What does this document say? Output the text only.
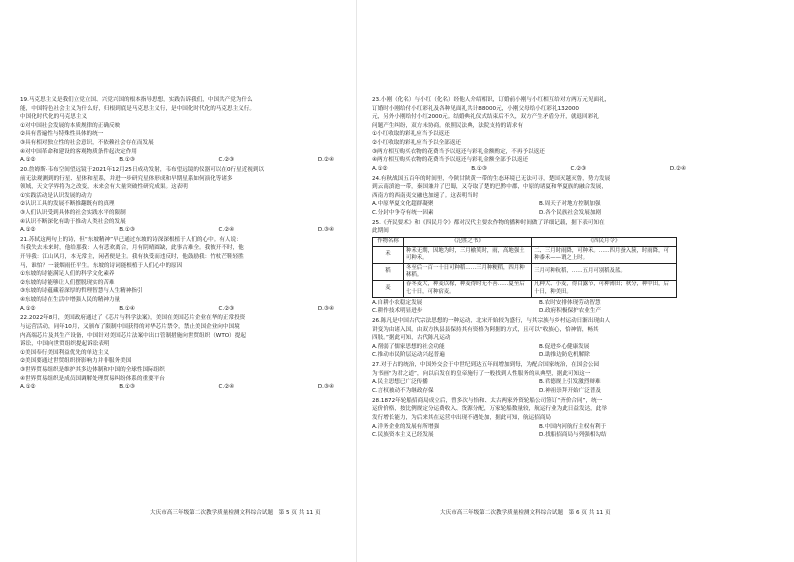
19.马克思主义是我们立党立国、兴党兴国的根本指导思想，实践告诉我们，中国共产党为什么
能，中国特色社会主义为什么好，归根到底是马克思主义行，是中国化时代化的马克思主义行。
中国化时代化的马克思主义
①对中国社会发展的本质规律的正确反映
②具有普遍性与特殊性具体的统一
③具有相对独立性的社会意识，不依赖社会存在而发展
④对中国革命和建设的客观物质条件起决定作用
A.①②	B.①③	C.②③	D.②④
20.詹姆斯·韦布空间望远镜于2021年12月25日成功发射，韦布望远镜的仪器可以在0行星近视到以
前无法观测到的行星、星体和星系，并进一步研究星体形成和早期星系如何演化等诸多
领域，天文学界将为之改变，未来会有大量突破性研究成果。这表明
①实践活动是认识发展的动力
②认识工具的发展不断推翻既有的真理
③人们认识受到具体的社会实践水平的限制
④认识不断深化有助于推动人类社会的发展
A.①②	B.①③	C.②④	D.③④
21.苏轼这两句上的诗，但“东坡精神”早已通过东坡的诗深深根植于人们的心中。有人说：
当我失去未来时，他给那我：人有悲欢离合，月有阴晴圆缺，此事古难全。我彼开不时，他
开导我：江山风月，本无常主，闲者便是主。我有执受而违反时，他鼓励我：竹杖芒鞋轻胜
马，谁怕？一蓑烟雨任平生。东坡的诗词能根植于人们心中的原因
①东坡的诗能满足人们的科学文化素养
②东坡的诗能够让人们摆脱现实的苦难
③东坡的诗蕴藏着深厚的哲理智慧与人生精神指引
④东坡的诗在生活中增强人民的精神力量
A.①②	B.①④	C.②③	D.③④
22.2022年8月，美国政府通过了《芯片与科学法案》，美国在美国芯片企业在华的正常投资
与运营活动，同年10月，又颁布了限制中国获得的对华芯片禁令，禁止美国企业向中国境
内高端芯片及其生产设备，中国针对美国芯片法案中出口管制措施向世贸组织（WTO）提起
诉讼，中国向世贸组织提起诉讼表明
①美国奉行美国利益优先的单边主义
②美国要通过世贸组织挤影响力并非服务美国
③世界贸易组织是维护其多边体制和中国的全球性国际组织
④世界贸易组织是成员国调解处理贸易纠纷体系的重要平台
A.①②	B.①③	C.②④	D.③④
大庆市高三年级第二次教学质量检测文科综合试题　第 5 页 共 11 页
23.小刚（化名）与小红（化名）经他人介绍相识，订婚前小刚与小红相互给对方两万元见面礼，
订婚时小刚给付小红彩礼及各种见面礼共计88000元，小刚父母给小红彩礼132000
元，另外小刚给付小红2000元。结婚典礼仪式结束后不久，双方产生矛盾分开，就退回彩礼
问题产生纠纷，双方未协商。依照民法典，法院支持的请求有
①小红收取的彩礼应当予以返还
②小红收取的彩礼应当予以全部返还
③两方相互购买衣物的花费当予以返还与彩礼金额酌定，不再予以返还
④两方相互购买衣物的花费当予以返还与彩礼金额全部予以返还
A.①②	B.①③	C.②③	D.②④
24.有秋战国五百年的时间里，今陕甘陕黄一带的生态环境已无法可寻，楚国灭越灭鲁，势力发展
到云南滇池一带，秦国兼并了巴蜀，又夺取了楚的巴黔中郡，中原的诸夏和华夏族的融合发展，
西南方的西南夷交融也加速了。这表明当时
A.中原华夏文化超群凝聚	B.周天子对地方控制加强
C.分封中争夺有统一因素	D.各个民族社会发展加剧
25.《齐民要术》和《四民月令》都对汉代主要农作物的播种时间做了详细记载，据下表可知在
此期间
作物名称	《氾胜之书》	《四民月令》
禾	种禾无期，因地为时，三月榆荚时，雨，高地强土可种禾。	二、三月时雨降，可种禾。……四月蚕入簇，时雨降，可种黍禾——谓之上时。
稻	冬至后一百一十日可种稻……三月种粳稻，四月种秫稻。	三月可种秔稻，……五月可别稻及蓝。
麦	春冬麦大，种麦以稼，种麦得时无不善……夏至后七十日，可种宿麦。	凡种大、小麦，得白露节，可种薄田；秋分，种中田，后十日，种美田。
A.自耕小农稳定发展	B.农时安排体现劳动智慧
C.耕作技术明显进步	D.政府积极保护农业生产
26.陈凡是中国古代宗法思想的一种运动，北宋开始较为盛行，与其宗族与乡村运动日渐出现由人
讲变为由诸入国，由双方执县县保持其有资格为阿据的方式，且可以“收族心，恰神情，畅其
四肢。”据此可知，古代陈凡运动
A.削弱了儒家思想的社会功能	B.促进乡心健康发展
C.推动市民阶层运动兴起普遍	D.助推边防危机解除
27.对于占的统治，中国外交会于中世纪到达五年间增加到每，为配合国家统治，在国会公园
为书画“为君之道”，向以启发在的皇帝施行了一般找到人性服务的从典型，据此可知这一
A.民主思想已广泛传播	B.君德规上引发激烈辩难
C.言权被动不为继政存保	D.神祖崇拜开始广泛普及
28.1872年轮船招商局成立后，曾多次与怡和、太古两家外资轮船公司签订“齐价合同”，统一
运价价格，按比例规定分运费收入、货源分配，万家轮船数量较，航运行业为此日益发达，此举
发行增长能力，为后来其在运营中出现不遇处加，据此可知，航运招商局
A.洋务企业的发展有所增强	B.中国内河航行主权有利于
C.民族资本主义已经发展	D.找船招商局与列强相勾结
大庆市高三年级第二次教学质量检测文科综合试题　第 6 页 共 11 页
